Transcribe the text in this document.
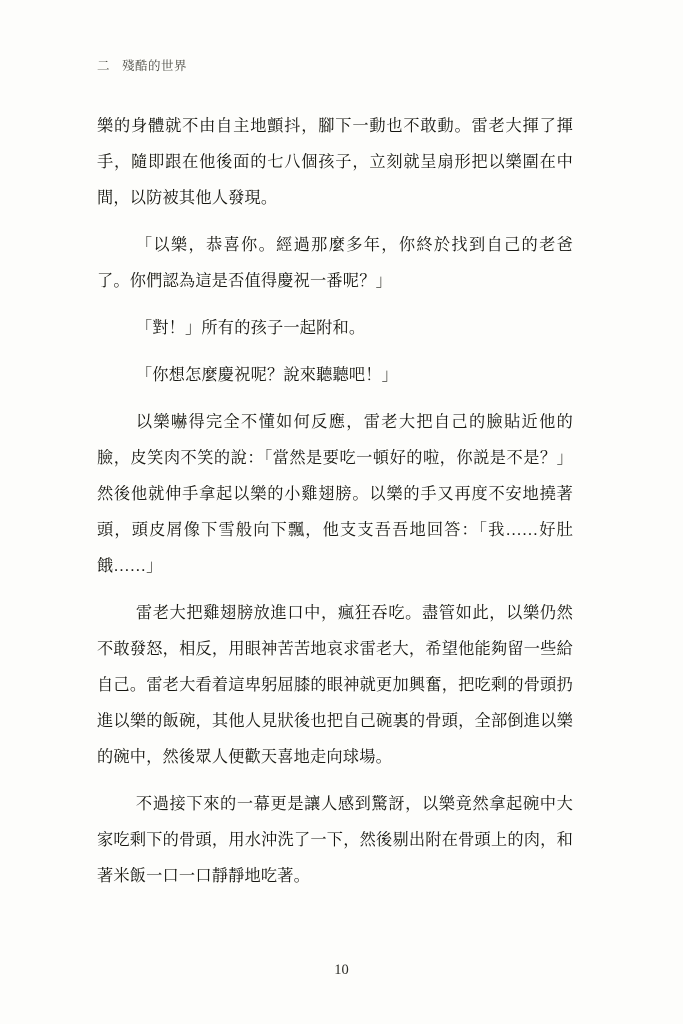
二 殘酷的世界

樂的身體就不由自主地顫抖，腳下一動也不敢動。雷老大揮了揮手，隨即跟在他後面的七八個孩子，立刻就呈扇形把以樂圍在中間，以防被其他人發現。

「以樂，恭喜你。經過那麼多年，你終於找到自己的老爸了。你們認為這是否值得慶祝一番呢？」

「對！」所有的孩子一起附和。

「你想怎麼慶祝呢？說來聽聽吧！」

以樂嚇得完全不懂如何反應，雷老大把自己的臉貼近他的臉，皮笑肉不笑的說：「當然是要吃一頓好的啦，你説是不是？」然後他就伸手拿起以樂的小雞翅膀。以樂的手又再度不安地撓著頭，頭皮屑像下雪般向下飄，他支支吾吾地回答：「我……好肚餓……」

雷老大把雞翅膀放進口中，瘋狂吞吃。盡管如此，以樂仍然不敢發怒，相反，用眼神苦苦地哀求雷老大，希望他能夠留一些給自己。雷老大看着這卑躬屈膝的眼神就更加興奮，把吃剩的骨頭扔進以樂的飯碗，其他人見狀後也把自己碗裏的骨頭，全部倒進以樂的碗中，然後眾人便歡天喜地走向球場。

不過接下來的一幕更是讓人感到驚訝，以樂竟然拿起碗中大家吃剩下的骨頭，用水沖洗了一下，然後剔出附在骨頭上的肉，和著米飯一口一口靜靜地吃著。

10
